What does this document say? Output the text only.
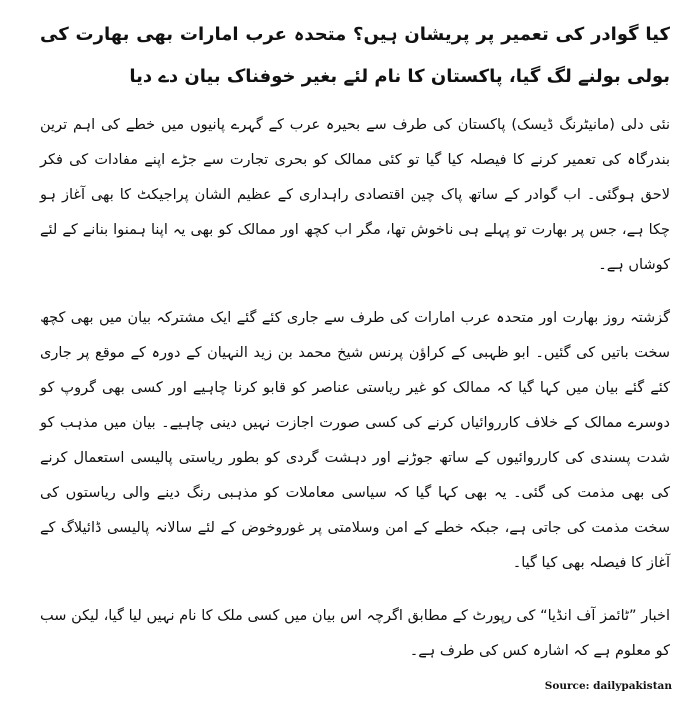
کیا گوادر کی تعمیر پر پریشان ہیں؟ متحدہ عرب امارات بھی بھارت کی بولی بولنے لگ گیا، پاکستان کا نام لئے بغیر خوفناک بیان دے دیا

نئی دلی (مانیٹرنگ ڈیسک) پاکستان کی طرف سے بحیرہ عرب کے گہرے پانیوں میں خطے کی اہم ترین بندرگاہ کی تعمیر کرنے کا فیصلہ کیا گیا تو کئی ممالک کو بحری تجارت سے جڑے اپنے مفادات کی فکر لاحق ہوگئی۔ اب گوادر کے ساتھ پاک چین اقتصادی راہداری کے عظیم الشان پراجیکٹ کا بھی آغاز ہو چکا ہے، جس پر بھارت تو پہلے ہی ناخوش تھا، مگر اب کچھ اور ممالک کو بھی یہ اپنا ہمنوا بنانے کے لئے کوشاں ہے۔

گزشتہ روز بھارت اور متحدہ عرب امارات کی طرف سے جاری کئے گئے ایک مشترکہ بیان میں بھی کچھ سخت باتیں کی گئیں۔ ابو ظہبی کے کراؤن پرنس شیخ محمد بن زید النہیان کے دورہ کے موقع پر جاری کئے گئے بیان میں کہا گیا کہ ممالک کو غیر ریاستی عناصر کو قابو کرنا چاہیے اور کسی بھی گروپ کو دوسرے ممالک کے خلاف کارروائیاں کرنے کی کسی صورت اجازت نہیں دینی چاہیے۔ بیان میں مذہب کو شدت پسندی کی کارروائیوں کے ساتھ جوڑنے اور دہشت گردی کو بطور ریاستی پالیسی استعمال کرنے کی بھی مذمت کی گئی۔ یہ بھی کہا گیا کہ سیاسی معاملات کو مذہبی رنگ دینے والی ریاستوں کی سخت مذمت کی جاتی ہے، جبکہ خطے کے امن وسلامتی پر غوروخوض کے لئے سالانہ پالیسی ڈائیلاگ کے آغاز کا فیصلہ بھی کیا گیا۔

اخبار ”ٹائمز آف انڈیا“ کی رپورٹ کے مطابق اگرچہ اس بیان میں کسی ملک کا نام نہیں لیا گیا، لیکن سب کو معلوم ہے کہ اشارہ کس کی طرف ہے۔

Source: dailypakistan
